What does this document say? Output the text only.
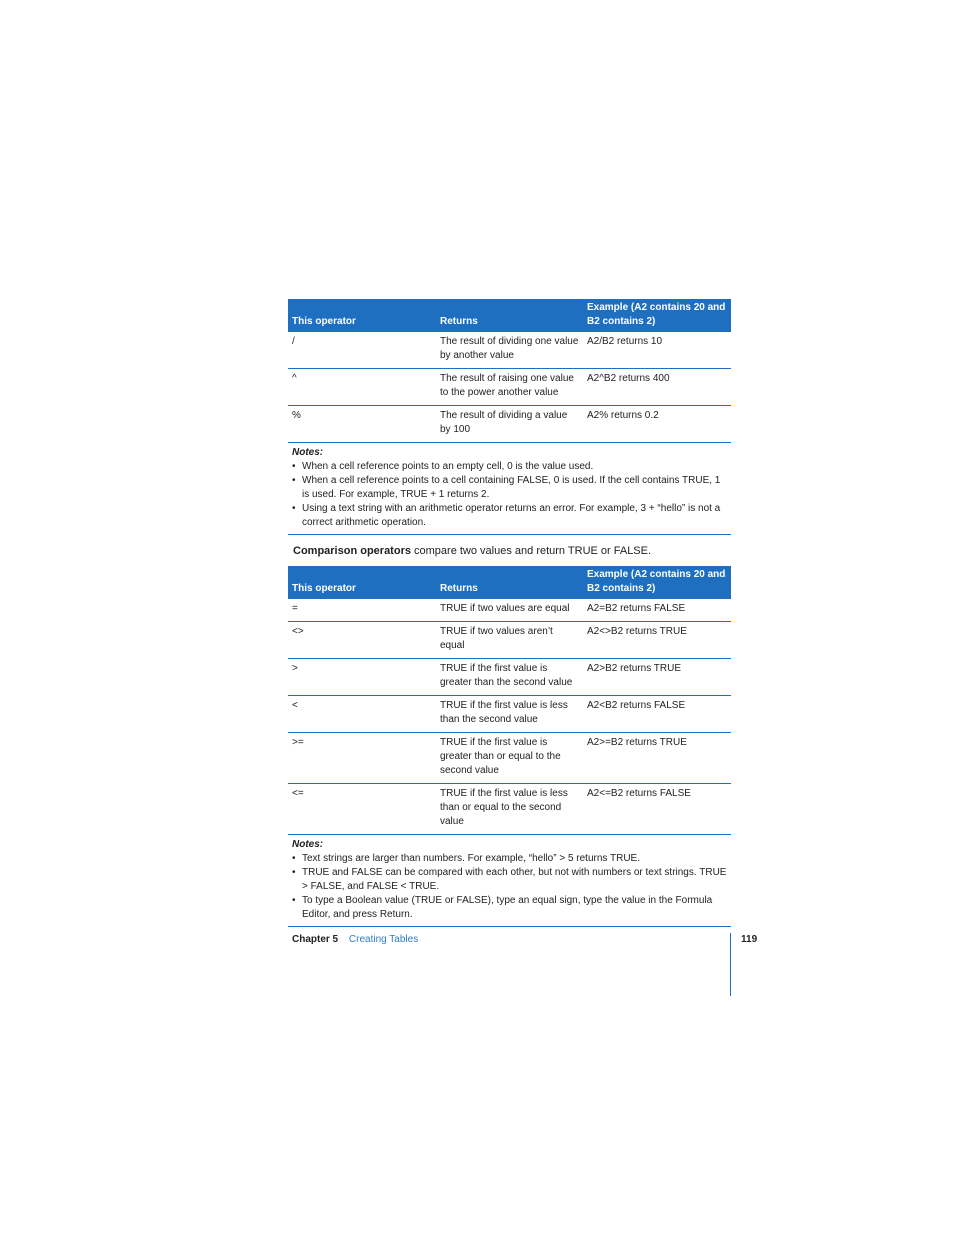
This operator	Returns	Example (A2 contains 20 and B2 contains 2)
/	The result of dividing one value by another value	A2/B2 returns 10
^	The result of raising one value to the power another value	A2^B2 returns 400
%	The result of dividing a value by 100	A2% returns 0.2
Notes:
• When a cell reference points to an empty cell, 0 is the value used.
• When a cell reference points to a cell containing FALSE, 0 is used. If the cell contains TRUE, 1 is used. For example, TRUE + 1 returns 2.
• Using a text string with an arithmetic operator returns an error. For example, 3 + “hello” is not a correct arithmetic operation.

Comparison operators compare two values and return TRUE or FALSE.

This operator	Returns	Example (A2 contains 20 and B2 contains 2)
=	TRUE if two values are equal	A2=B2 returns FALSE
<>	TRUE if two values aren’t equal	A2<>B2 returns TRUE
>	TRUE if the first value is greater than the second value	A2>B2 returns TRUE
<	TRUE if the first value is less than the second value	A2<B2 returns FALSE
>=	TRUE if the first value is greater than or equal to the second value	A2>=B2 returns TRUE
<=	TRUE if the first value is less than or equal to the second value	A2<=B2 returns FALSE
Notes:
• Text strings are larger than numbers. For example, “hello” > 5 returns TRUE.
• TRUE and FALSE can be compared with each other, but not with numbers or text strings. TRUE > FALSE, and FALSE < TRUE.
• To type a Boolean value (TRUE or FALSE), type an equal sign, type the value in the Formula Editor, and press Return.
Chapter 5 Creating Tables	119
